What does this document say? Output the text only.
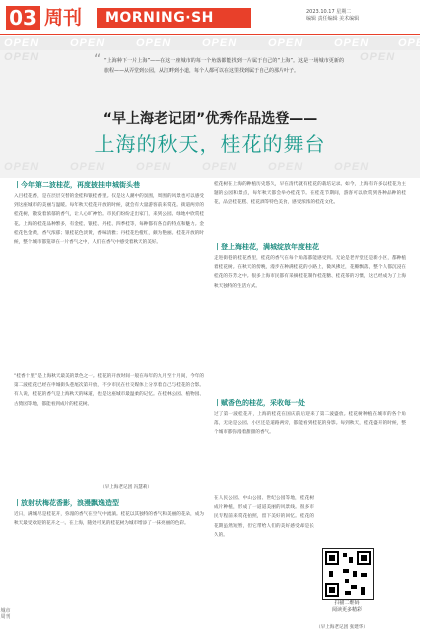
03 周刊	MORNING·SH	2023.10.17 星期二
编辑 责任编辑 美术编辑
OPEN	OPEN	OPEN	OPEN	OPEN	OPEN	OPEN
OPEN	OPEN
“ “上海种下一片上海”——在这一座城市的每一个角落都能找到一片属于自己的“上海”。这是一场城市更新的旅程——从弄堂到公园，从江畔到小道，每个人都可以在这里找到属于自己的那片叶子。
“早上海老记团”优秀作品选登——
上海的秋天，桂花的舞台
OPEN	OPEN	OPEN	OPEN	OPEN	OPEN
丨今年第二波桂花，再度披挂申城街头巷
入目桂花香，是在层层交替的金桂和银桂香里。仅是这人潮中的氛围，周围的风景也可以感受到这座城市的美丽与温暖。每年秋天桂花开放的时候，就会有大量游客前来赏花。街道两旁的桂花树，散发着浓郁的香气，让人心旷神怡。市民们纷纷走出家门，来到公园、绿地中欣赏桂花。上海的桂花品种繁多，有金桂、银桂、丹桂、四季桂等，每种都有各自的特点和魅力。金桂花色金黄，香气浓郁；银桂花色淡黄，香味清雅；丹桂花色橙红，颇为艳丽。桂花开放的时候，整个城市都笼罩在一片香气之中，人们在香气中感受着秋天的美好。
“桂香十里”是上海秋天最美的景色之一。桂花的开放时间一般在每年的九月至十月间，今年的第二波桂花已经在申城街头巷尾次第开放，不少市民在社交媒体上分享着自己与桂花的合影。有人说，桂花的香气是上海秋天的味道，也是这座城市最温柔的记忆。在桂林公园、植物园、古猗园等地，都能看到成片的桂花树。
（早上海老记团 冯慧莉）
丨放射状梅花香影，浪漫飘逸造型
近日，满城尽是桂花开，弥漫的香气在空气中流淌。桂花以其独特的香气和美丽的花朵，成为秋天最受欢迎的花卉之一。在上海，随处可见的桂花树为城市增添了一抹亮丽的色彩。
桂花树在上海的种植历史悠久，早在清代就有桂花的栽培记录。如今，上海有许多以桂花为主题的公园和景点，每年秋天都会举办桂花节。在桂花节期间，游客可以欣赏到各种品种的桂花，品尝桂花糕、桂花酒等特色美食，感受浓浓的桂花文化。
丨登上海桂花，满城绽放年度桂花
走进街巷的桂花香里，桂花的香气在每个角落都能感受到。无论是老弄堂还是新小区，都种植着桂花树。在秋天的傍晚，漫步在种满桂花的小路上，微风拂过，花瓣飘落，整个人都沉浸在桂花的芬芳之中。很多上海市民都有采摘桂花制作桂花糖、桂花茶的习惯，这已经成为了上海秋天独特的生活方式。
丨赋香色的桂花，采收每一处
过了第一波桂花开，上海的桂花在国庆前后迎来了第二波盛放。桂花树种植在城市的各个角落，无论是公园、小区还是道路两旁，都能看到桂花的身影。每到秋天，桂花盛开的时候，整个城市都弥漫着甜甜的香气。
在人民公园、中山公园、世纪公园等地，桂花树成片种植，形成了一道道美丽的风景线。很多市民专程前来赏花拍照，留下美好的回忆。桂花的花期虽然短暂，但它带给人们的美好感受却是长久的。
（早上海老记团 张建华）
扫描二维码
阅读更多精彩
城市
周刊
